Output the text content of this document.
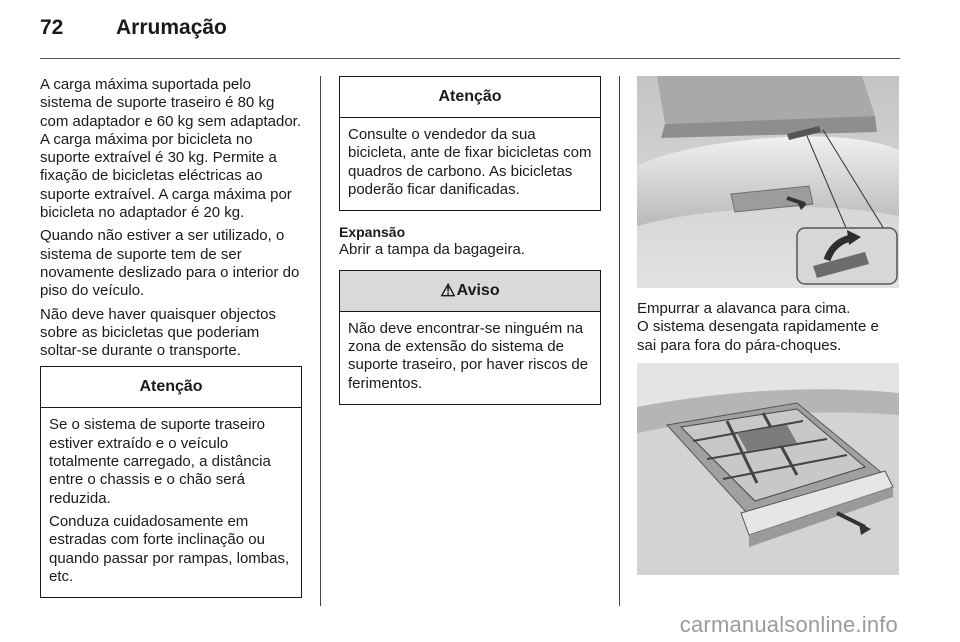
72	Arrumação

A carga máxima suportada pelo sistema de suporte traseiro é 80 kg com adaptador e 60 kg sem adaptador. A carga máxima por bicicleta no suporte extraível é 30 kg. Permite a fixação de bicicletas eléctricas ao suporte extraível. A carga máxima por bicicleta no adaptador é 20 kg.

Quando não estiver a ser utilizado, o sistema de suporte tem de ser novamente deslizado para o interior do piso do veículo.

Não deve haver quaisquer objectos sobre as bicicletas que poderiam soltar-se durante o transporte.

Atenção

Se o sistema de suporte traseiro estiver extraído e o veículo totalmente carregado, a distância entre o chassis e o chão será reduzida.

Conduza cuidadosamente em estradas com forte inclinação ou quando passar por rampas, lombas, etc.

Atenção

Consulte o vendedor da sua bicicleta, ante de fixar bicicletas com quadros de carbono. As bicicletas poderão ficar danificadas.

Expansão

Abrir a tampa da bagageira.

⚠ Aviso

Não deve encontrar-se ninguém na zona de extensão do sistema de suporte traseiro, por haver riscos de ferimentos.

Empurrar a alavanca para cima.

O sistema desengata rapidamente e sai para fora do pára-choques.

carmanualsonline.info
